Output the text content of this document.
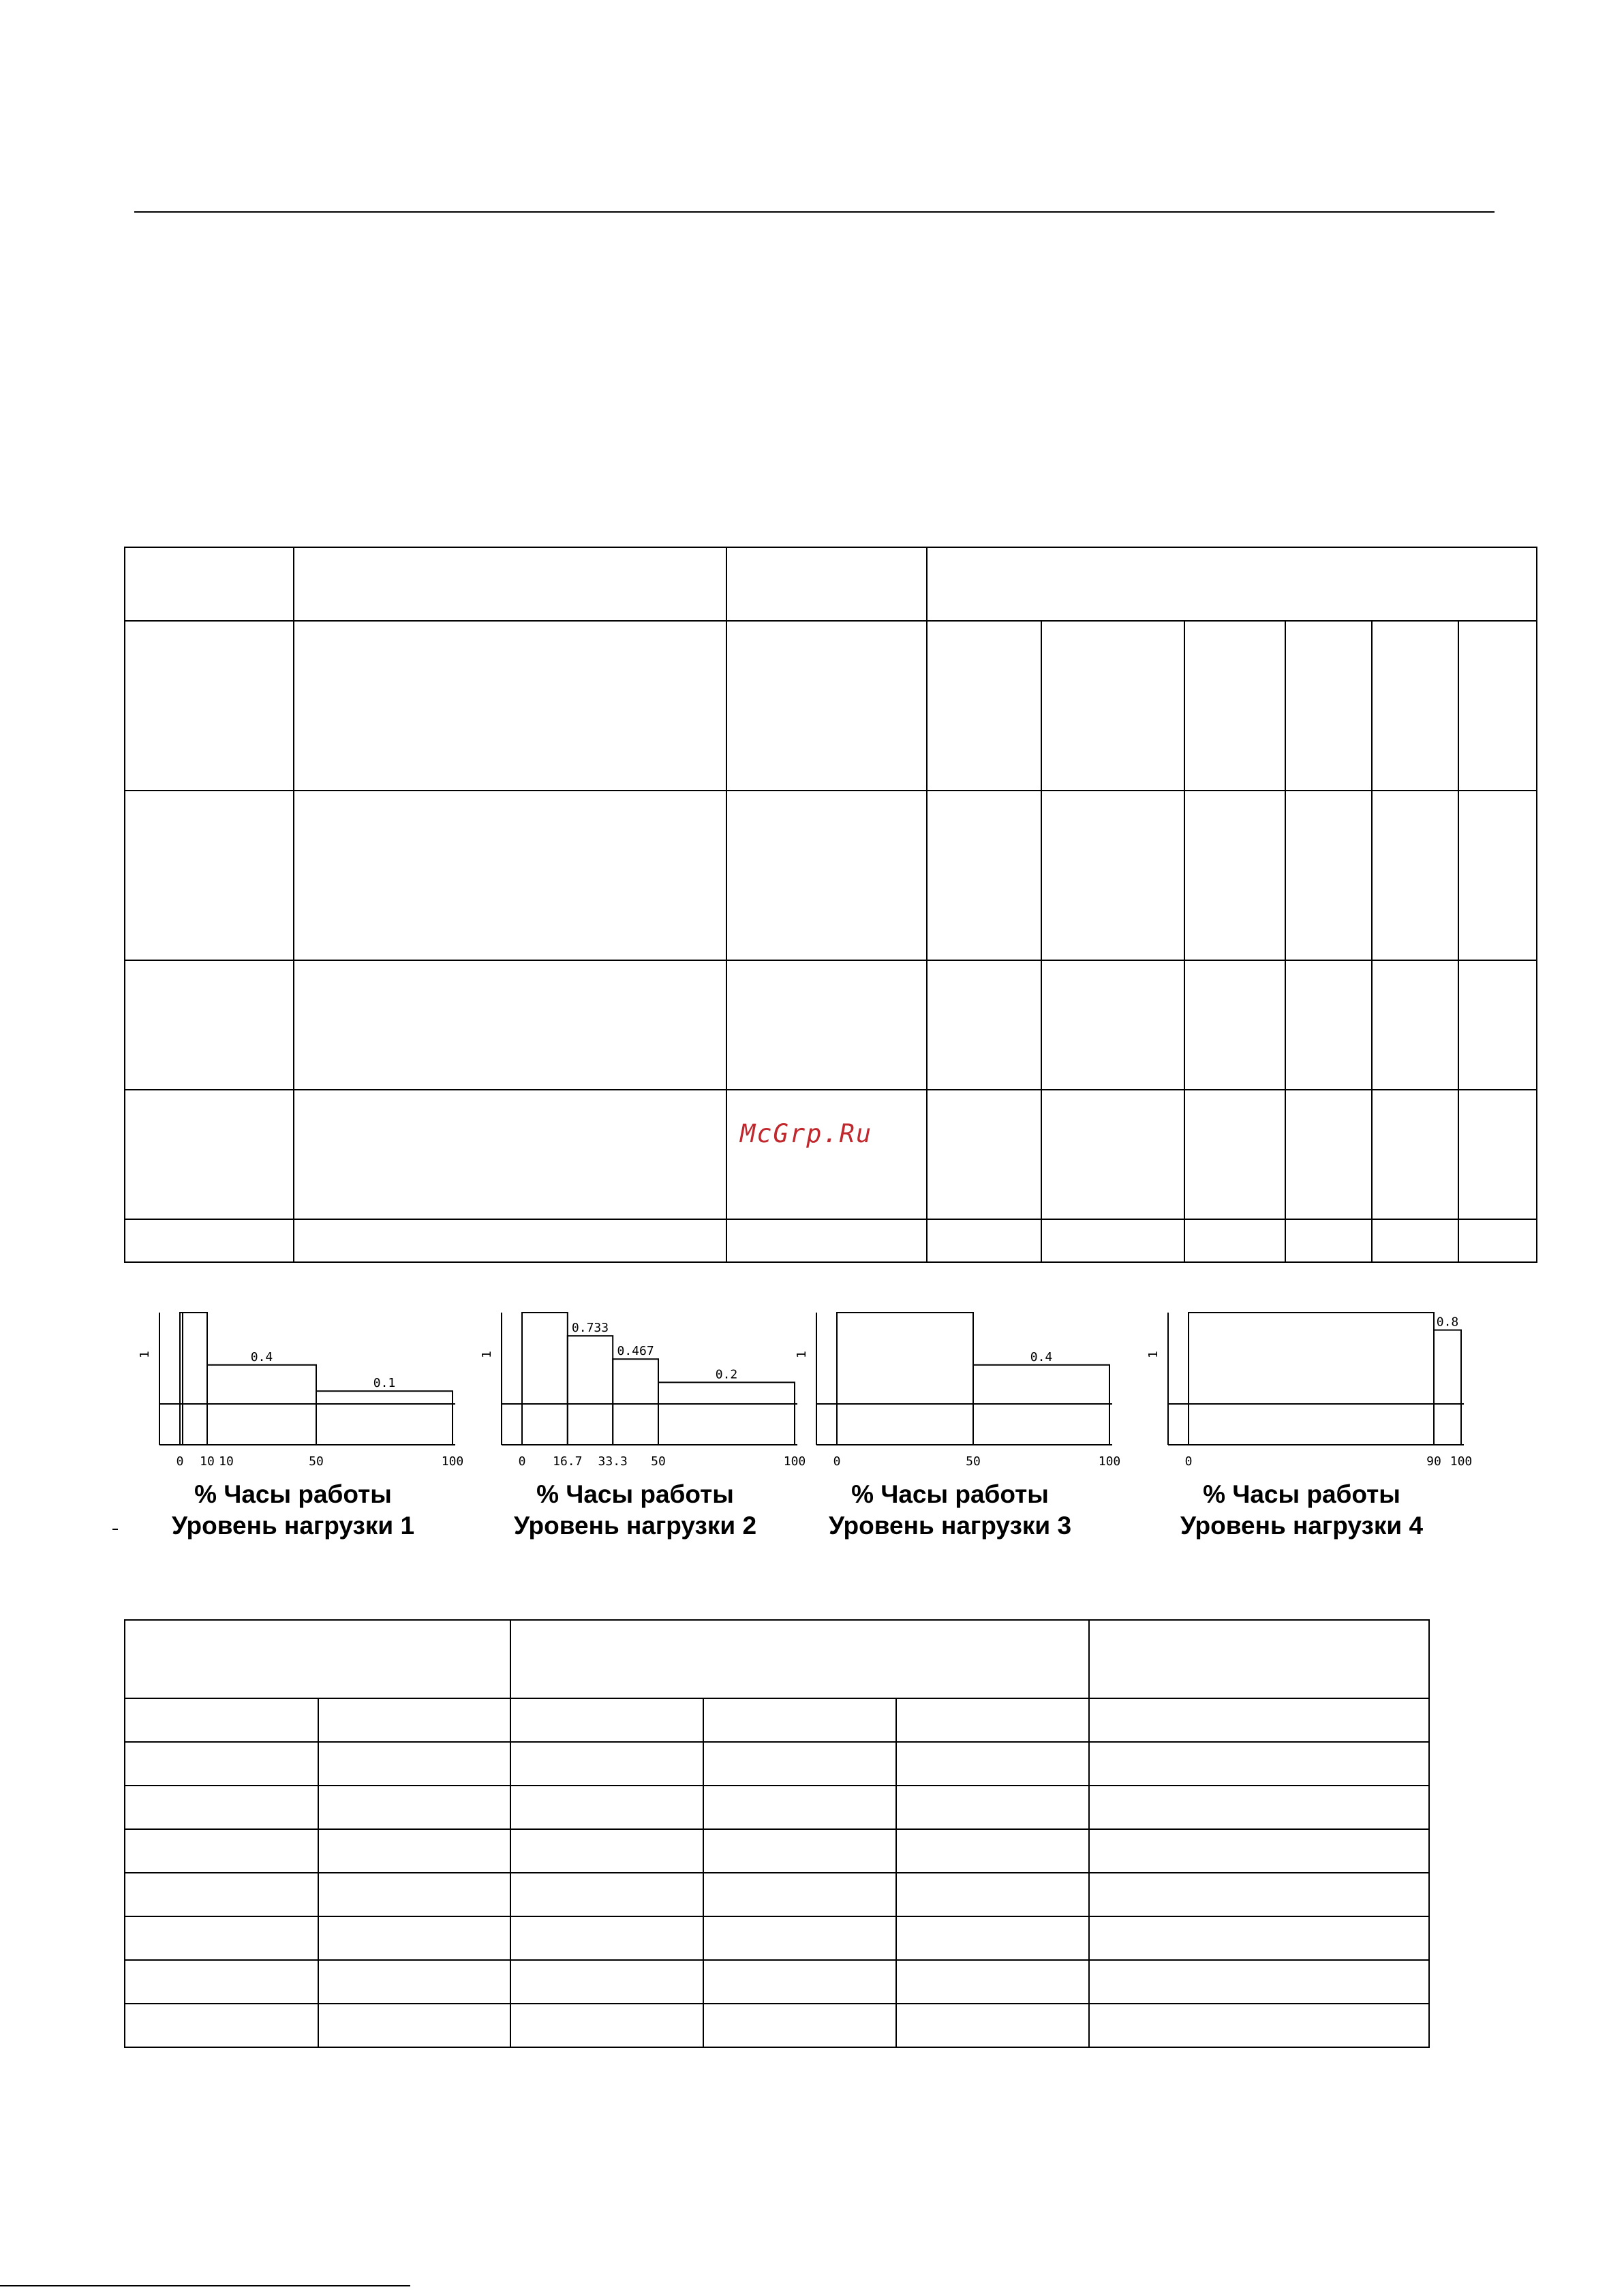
McGrp.Ru
1	0.4
0.1
0 10 10	50	100
% Часы работы
Уровень нагрузки 1
1
0.733
0.467
0.2
0 16.7 33.3 50	100
% Часы работы
Уровень нагрузки 2
1	0.4
0	50	100
% Часы работы
Уровень нагрузки 3
1
0.8
0	90 100
% Часы работы
Уровень нагрузки 4
